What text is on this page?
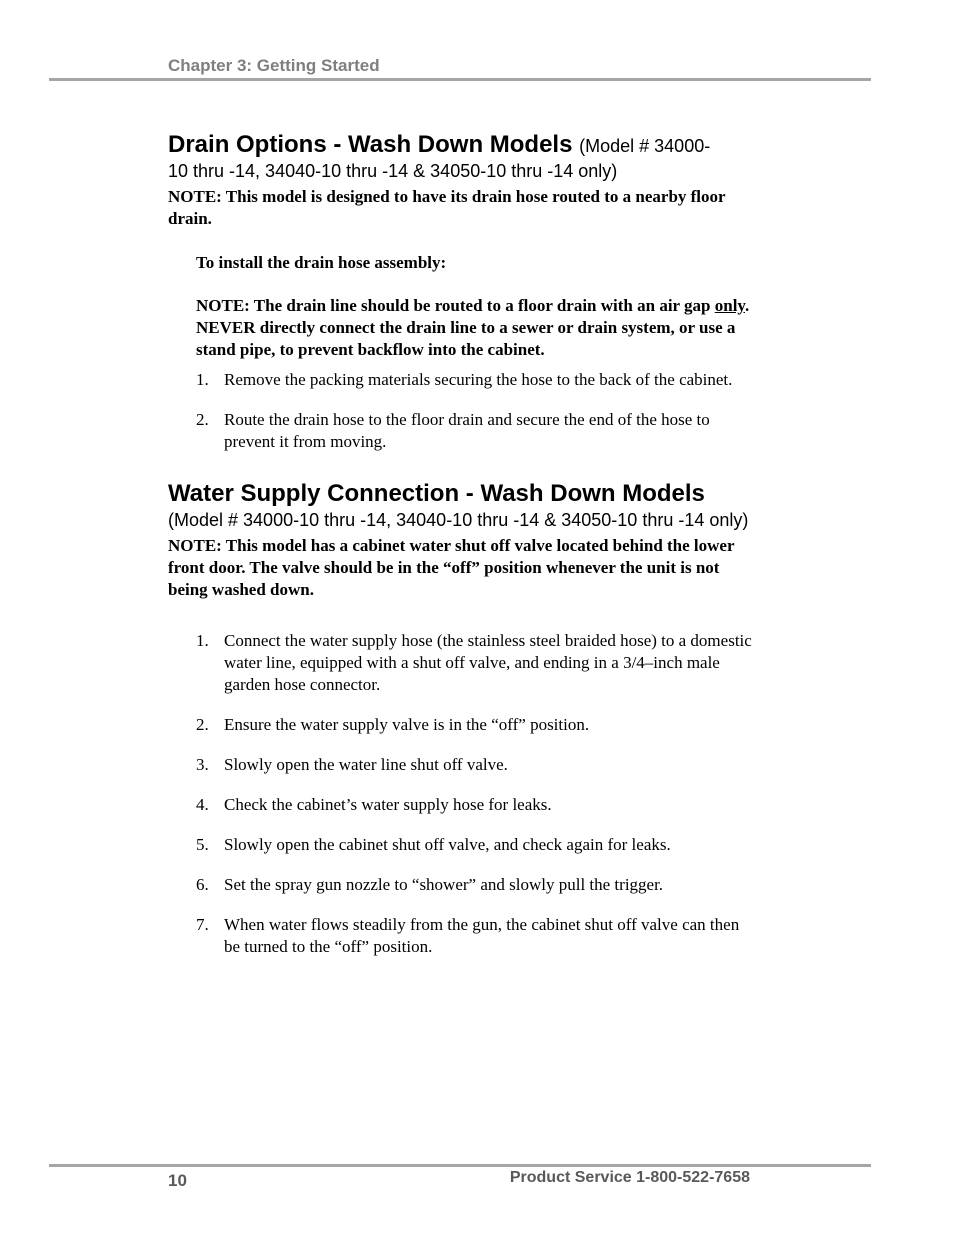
Chapter 3: Getting Started
Drain Options - Wash Down Models (Model # 34000-
10 thru -14, 34040-10 thru -14 & 34050-10 thru -14 only)

NOTE: This model is designed to have its drain hose routed to a nearby floor drain.

To install the drain hose assembly:

NOTE: The drain line should be routed to a floor drain with an air gap only. NEVER directly connect the drain line to a sewer or drain system, or use a stand pipe, to prevent backflow into the cabinet.

1. Remove the packing materials securing the hose to the back of the cabinet.
2. Route the drain hose to the floor drain and secure the end of the hose to prevent it from moving.
Water Supply Connection - Wash Down Models
(Model # 34000-10 thru -14, 34040-10 thru -14 & 34050-10 thru -14 only)

NOTE: This model has a cabinet water shut off valve located behind the lower front door. The valve should be in the “off” position whenever the unit is not being washed down.

1. Connect the water supply hose (the stainless steel braided hose) to a domestic water line, equipped with a shut off valve, and ending in a 3/4–inch male garden hose connector.
2. Ensure the water supply valve is in the “off” position.
3. Slowly open the water line shut off valve.
4. Check the cabinet’s water supply hose for leaks.
5. Slowly open the cabinet shut off valve, and check again for leaks.
6. Set the spray gun nozzle to “shower” and slowly pull the trigger.
7. When water flows steadily from the gun, the cabinet shut off valve can then be turned to the “off” position.
10	Product Service 1-800-522-7658
